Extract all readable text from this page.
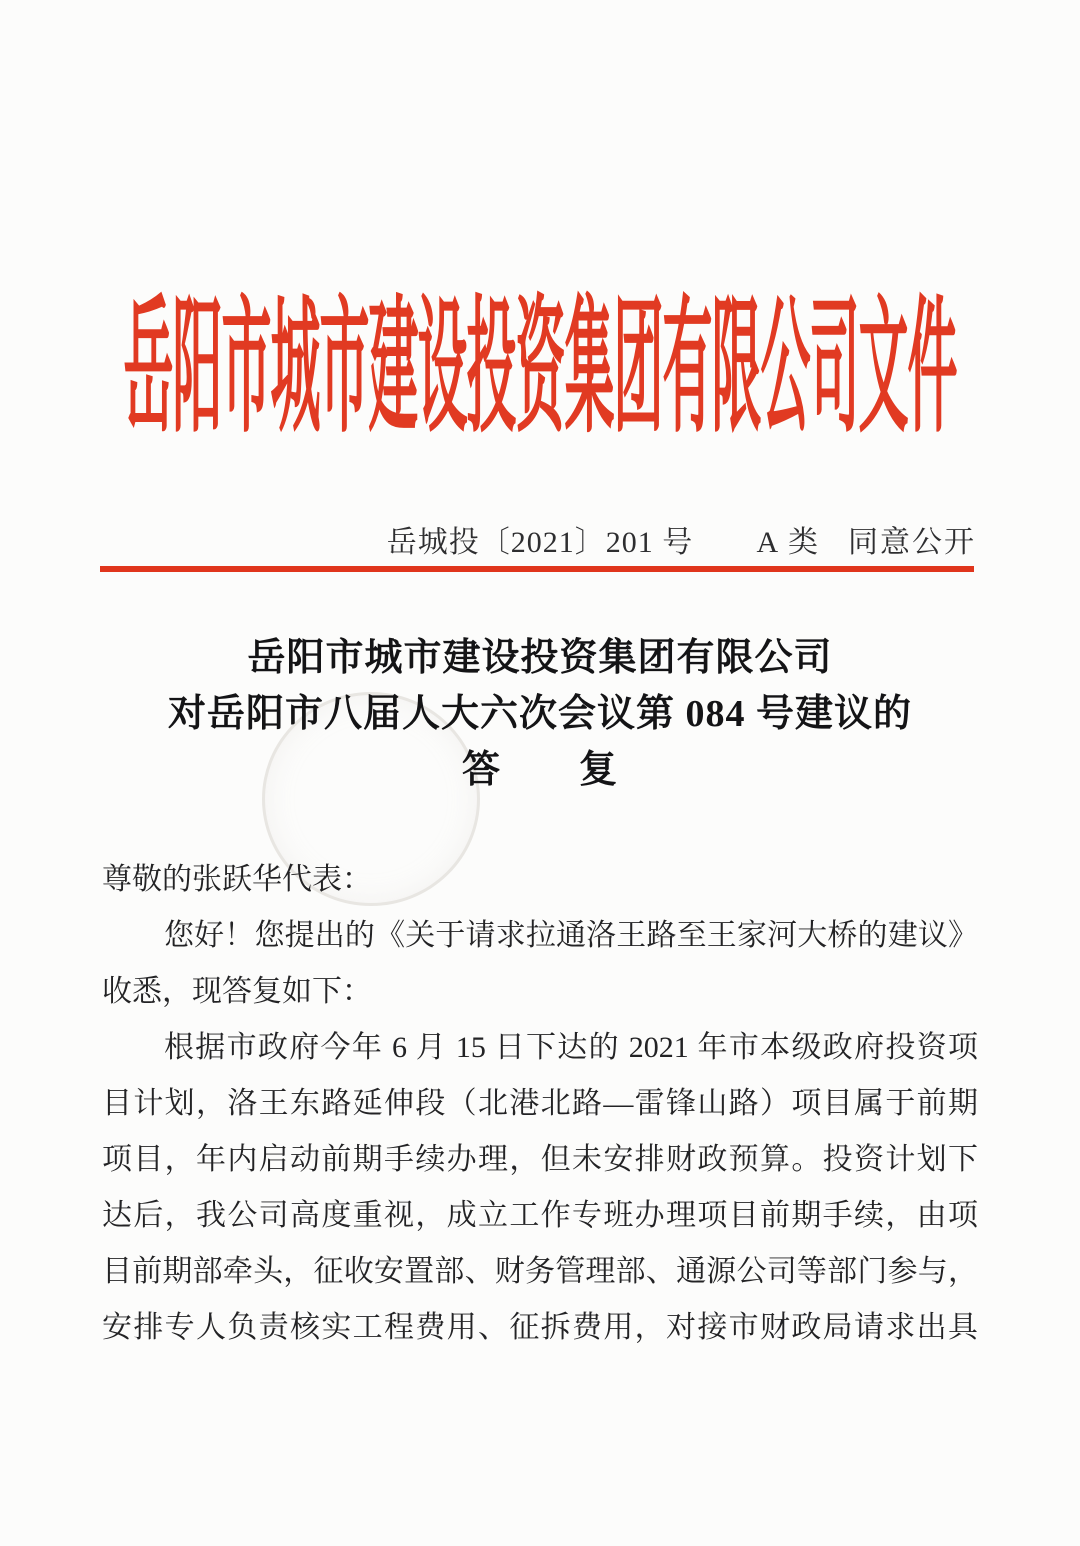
岳阳市城市建设投资集团有限公司文件
岳城投〔2021〕201 号	A 类 同意公开
岳阳市城市建设投资集团有限公司
对岳阳市八届人大六次会议第 084 号建议的
答　　复
尊敬的张跃华代表：
您好！您提出的《关于请求拉通洛王路至王家河大桥的建议》
收悉，现答复如下：
根据市政府今年 6 月 15 日下达的 2021 年市本级政府投资项
目计划，洛王东路延伸段（北港北路—雷锋山路）项目属于前期
项目，年内启动前期手续办理，但未安排财政预算。投资计划下
达后，我公司高度重视，成立工作专班办理项目前期手续，由项
目前期部牵头，征收安置部、财务管理部、通源公司等部门参与，
安排专人负责核实工程费用、征拆费用，对接市财政局请求出具
